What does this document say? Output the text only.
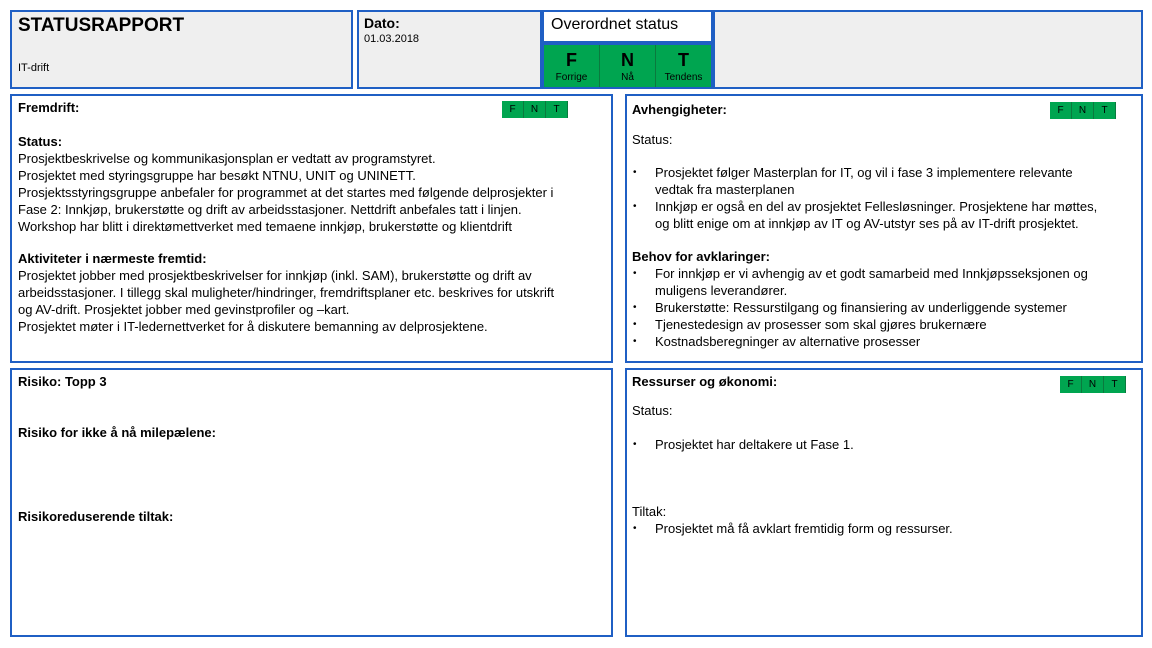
STATUSRAPPORT
IT-drift
Dato:
01.03.2018
Overordnet status
F
Forrige
N
Nå
T
Tendens
Fremdrift:	F	N	T
Status:
Prosjektbeskrivelse og kommunikasjonsplan er vedtatt av programstyret.
Prosjektet med styringsgruppe har besøkt NTNU, UNIT og UNINETT.
Prosjektsstyringsgruppe anbefaler for programmet at det startes med følgende delprosjekter i
Fase 2: Innkjøp, brukerstøtte og drift av arbeidsstasjoner. Nettdrift anbefales tatt i linjen.
Workshop har blitt i direktømettverket med temaene innkjøp, brukerstøtte og klientdrift
Aktiviteter i nærmeste fremtid:
Prosjektet jobber med prosjektbeskrivelser for innkjøp (inkl. SAM), brukerstøtte og drift av
arbeidsstasjoner. I tillegg skal muligheter/hindringer, fremdriftsplaner etc. beskrives for utskrift
og AV-drift. Prosjektet jobber med gevinstprofiler og –kart.
Prosjektet møter i IT-ledernettverket for å diskutere bemanning av delprosjektene.
Avhengigheter:	F	N	T
Status:
• Prosjektet følger Masterplan for IT, og vil i fase 3 implementere relevante
vedtak fra masterplanen
• Innkjøp er også en del av prosjektet Fellesløsninger. Prosjektene har møttes,
og blitt enige om at innkjøp av IT og AV-utstyr ses på av IT-drift prosjektet.
Behov for avklaringer:
• For innkjøp er vi avhengig av et godt samarbeid med Innkjøpsseksjonen og
muligens leverandører.
• Brukerstøtte: Ressurstilgang og finansiering av underliggende systemer
• Tjenestedesign av prosesser som skal gjøres brukernære
• Kostnadsberegninger av alternative prosesser
Risiko: Topp 3
Risiko for ikke å nå milepælene:
Risikoreduserende tiltak:
Ressurser og økonomi:	F	N	T
Status:
• Prosjektet har deltakere ut Fase 1.
Tiltak:
• Prosjektet må få avklart fremtidig form og ressurser.
